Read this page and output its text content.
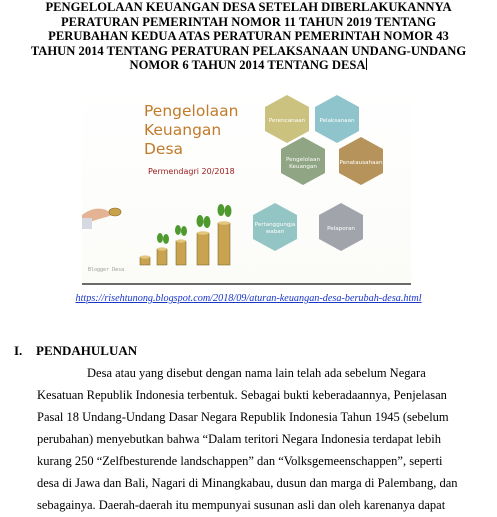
PENGELOLAAN KEUANGAN DESA SETELAH DIBERLAKUKANNYA
PERATURAN PEMERINTAH NOMOR 11 TAHUN 2019 TENTANG
PERUBAHAN KEDUA ATAS PERATURAN PEMERINTAH NOMOR 43
TAHUN 2014 TENTANG PERATURAN PELAKSANAAN UNDANG-UNDANG
NOMOR 6 TAHUN 2014 TENTANG DESA
Pengelolaan
Keuangan
Desa
Permendagri 20/2018
Perencanaan	Pelaksanaan
Pengelolaan
Keuangan
Penatausahaan
Pertanggungja
waban	Pelaporan
Blogger Desa
https://risehtunong.blogspot.com/2018/09/aturan-keuangan-desa-berubah-desa.html
I. PENDAHULUAN
Desa atau yang disebut dengan nama lain telah ada sebelum Negara
Kesatuan Republik Indonesia terbentuk. Sebagai bukti keberadaannya, Penjelasan
Pasal 18 Undang-Undang Dasar Negara Republik Indonesia Tahun 1945 (sebelum
perubahan) menyebutkan bahwa “Dalam teritori Negara Indonesia terdapat lebih
kurang 250 “Zelfbesturende landschappen” dan “Volksgemeenschappen”, seperti
desa di Jawa dan Bali, Nagari di Minangkabau, dusun dan marga di Palembang, dan
sebagainya. Daerah-daerah itu mempunyai susunan asli dan oleh karenanya dapat
